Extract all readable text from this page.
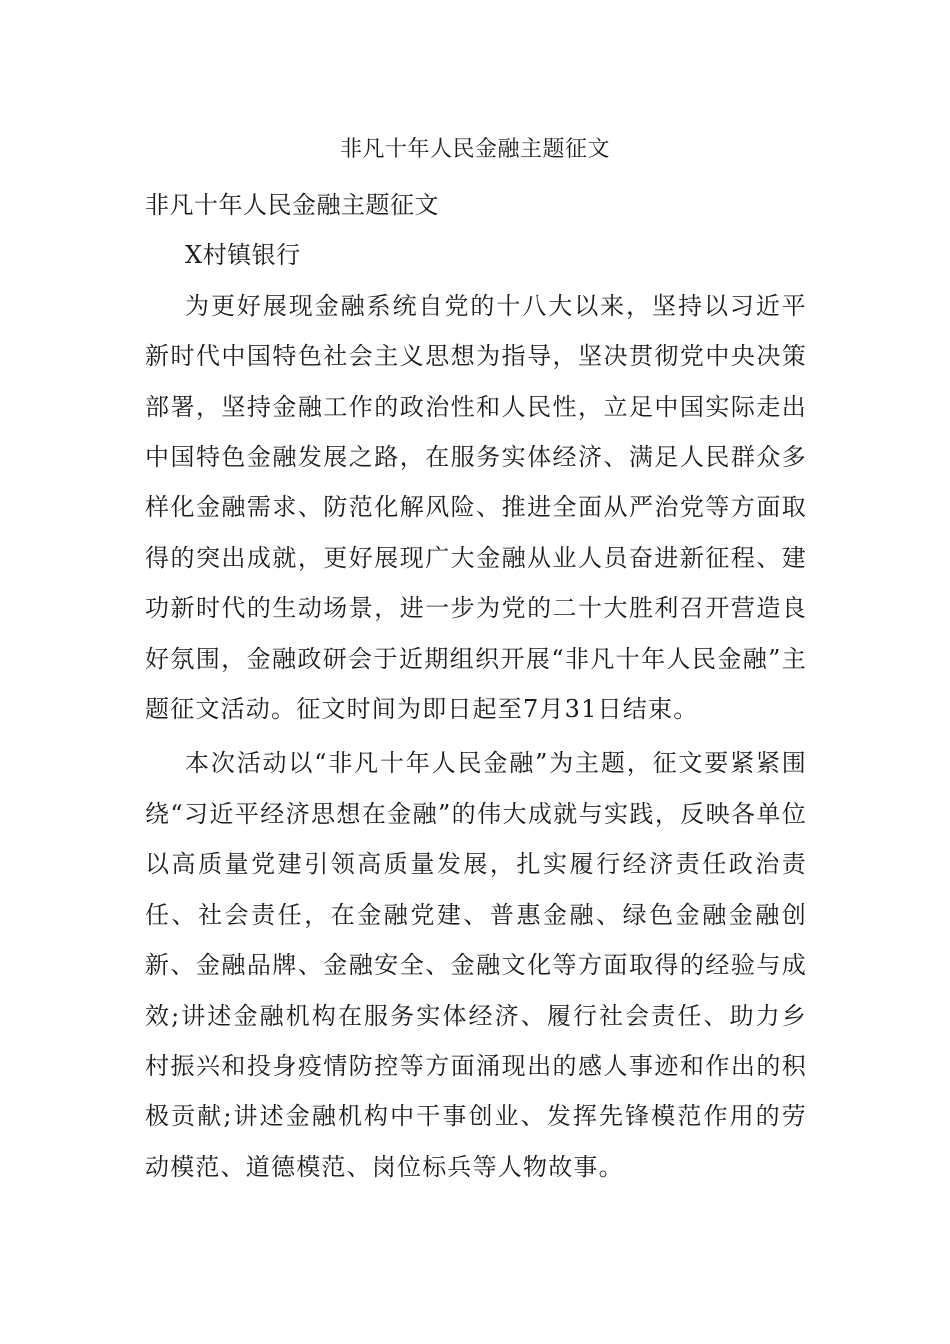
非凡十年人民金融主题征文

非凡十年人民金融主题征文

X村镇银行

为更好展现金融系统自党的十八大以来，坚持以习近平新时代中国特色社会主义思想为指导，坚决贯彻党中央决策部署，坚持金融工作的政治性和人民性，立足中国实际走出中国特色金融发展之路，在服务实体经济、满足人民群众多样化金融需求、防范化解风险、推进全面从严治党等方面取得的突出成就，更好展现广大金融从业人员奋进新征程、建功新时代的生动场景，进一步为党的二十大胜利召开营造良好氛围，金融政研会于近期组织开展“非凡十年人民金融”主题征文活动。征文时间为即日起至7月31日结束。

本次活动以“非凡十年人民金融”为主题，征文要紧紧围绕“习近平经济思想在金融”的伟大成就与实践，反映各单位以高质量党建引领高质量发展，扎实履行经济责任政治责任、社会责任，在金融党建、普惠金融、绿色金融金融创新、金融品牌、金融安全、金融文化等方面取得的经验与成效;讲述金融机构在服务实体经济、履行社会责任、助力乡村振兴和投身疫情防控等方面涌现出的感人事迹和作出的积极贡献;讲述金融机构中干事创业、发挥先锋模范作用的劳动模范、道德模范、岗位标兵等人物故事。
